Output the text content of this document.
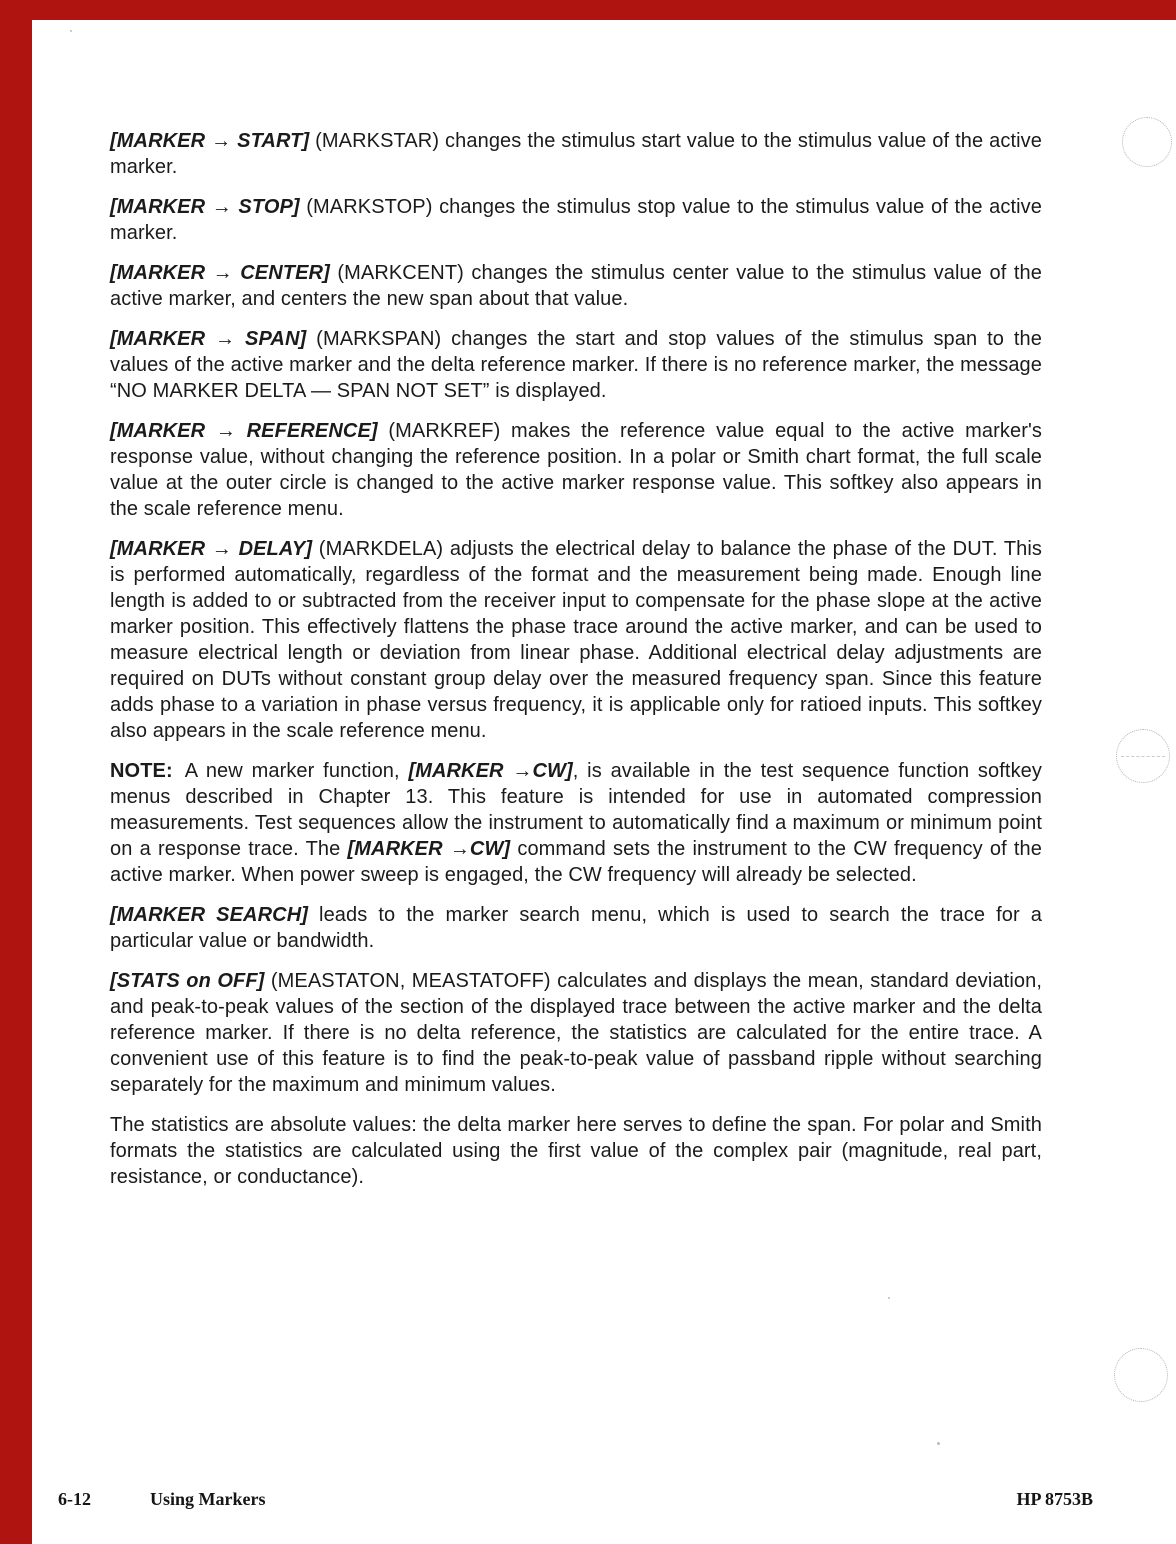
[MARKER → START] (MARKSTAR) changes the stimulus start value to the stimulus value of the active marker.

[MARKER → STOP] (MARKSTOP) changes the stimulus stop value to the stimulus value of the active marker.

[MARKER → CENTER] (MARKCENT) changes the stimulus center value to the stimulus value of the active marker, and centers the new span about that value.

[MARKER → SPAN] (MARKSPAN) changes the start and stop values of the stimulus span to the values of the active marker and the delta reference marker. If there is no reference marker, the message “NO MARKER DELTA — SPAN NOT SET” is displayed.

[MARKER → REFERENCE] (MARKREF) makes the reference value equal to the active marker's response value, without changing the reference position. In a polar or Smith chart format, the full scale value at the outer circle is changed to the active marker response value. This softkey also appears in the scale reference menu.

[MARKER → DELAY] (MARKDELA) adjusts the electrical delay to balance the phase of the DUT. This is performed automatically, regardless of the format and the measurement being made. Enough line length is added to or subtracted from the receiver input to compensate for the phase slope at the active marker position. This effectively flattens the phase trace around the active marker, and can be used to measure electrical length or deviation from linear phase. Additional electrical delay adjustments are required on DUTs without constant group delay over the measured frequency span. Since this feature adds phase to a variation in phase versus frequency, it is applicable only for ratioed inputs. This softkey also appears in the scale reference menu.

NOTE: A new marker function, [MARKER →CW], is available in the test sequence function softkey menus described in Chapter 13. This feature is intended for use in automated compression measurements. Test sequences allow the instrument to automatically find a maximum or minimum point on a response trace. The [MARKER →CW] command sets the instrument to the CW frequency of the active marker. When power sweep is engaged, the CW frequency will already be selected.

[MARKER SEARCH] leads to the marker search menu, which is used to search the trace for a particular value or bandwidth.

[STATS on OFF] (MEASTATON, MEASTATOFF) calculates and displays the mean, standard deviation, and peak-to-peak values of the section of the displayed trace between the active marker and the delta reference marker. If there is no delta reference, the statistics are calculated for the entire trace. A convenient use of this feature is to find the peak-to-peak value of passband ripple without searching separately for the maximum and minimum values.

The statistics are absolute values: the delta marker here serves to define the span. For polar and Smith formats the statistics are calculated using the first value of the complex pair (magnitude, real part, resistance, or conductance).

6-12	Using Markers	HP 8753B
